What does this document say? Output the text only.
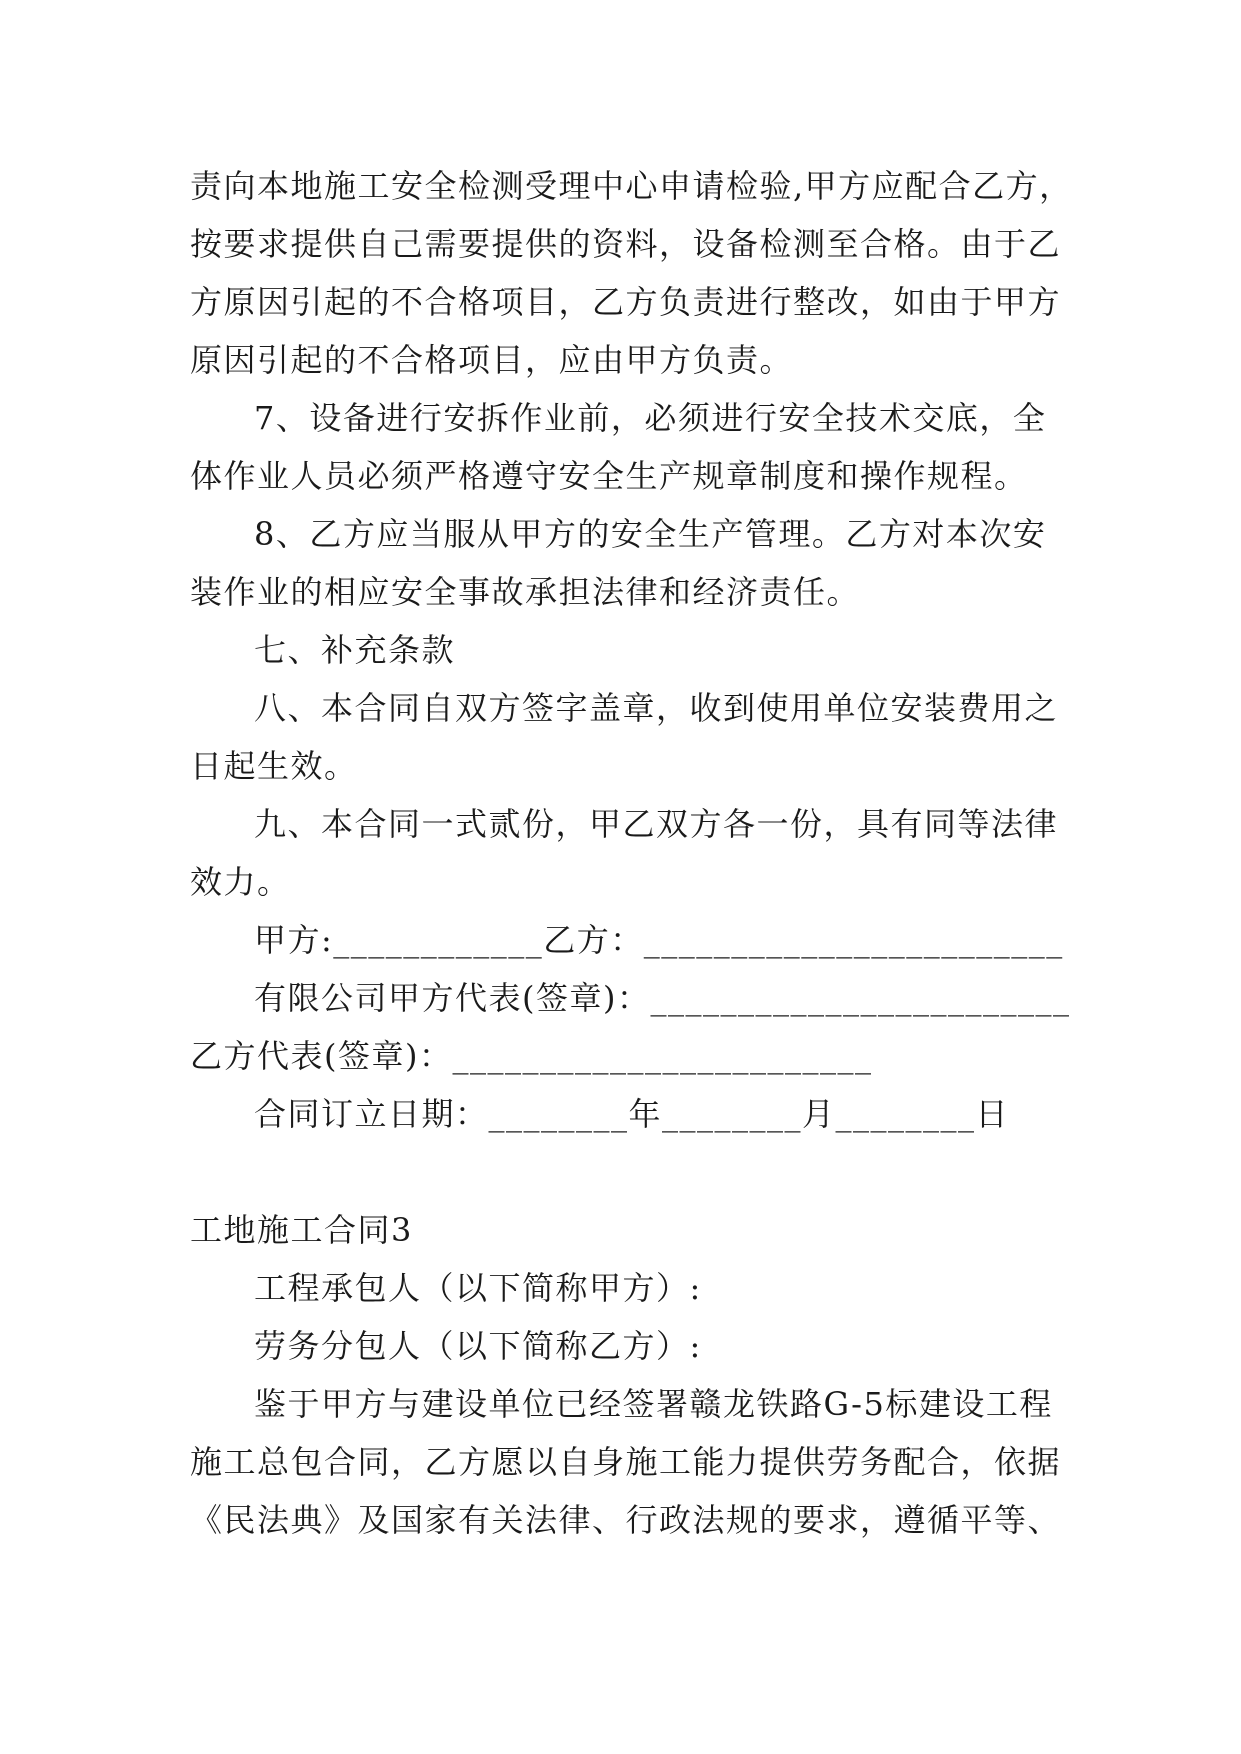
责向本地施工安全检测受理中心申请检验,甲方应配合乙方，
按要求提供自己需要提供的资料，设备检测至合格。由于乙
方原因引起的不合格项目，乙方负责进行整改，如由于甲方
原因引起的不合格项目，应由甲方负责。
7、设备进行安拆作业前，必须进行安全技术交底，全
体作业人员必须严格遵守安全生产规章制度和操作规程。
8、乙方应当服从甲方的安全生产管理。乙方对本次安
装作业的相应安全事故承担法律和经济责任。
七、补充条款
八、本合同自双方签字盖章，收到使用单位安装费用之
日起生效。
九、本合同一式贰份，甲乙双方各一份，具有同等法律
效力。
甲方:____________乙方：________________________
有限公司甲方代表(签章)：________________________
乙方代表(签章)：________________________
合同订立日期：________年________月________日
工地施工合同3
工程承包人（以下简称甲方）:
劳务分包人（以下简称乙方）:
鉴于甲方与建设单位已经签署赣龙铁路G-5标建设工程
施工总包合同，乙方愿以自身施工能力提供劳务配合，依据
《民法典》及国家有关法律、行政法规的要求，遵循平等、
